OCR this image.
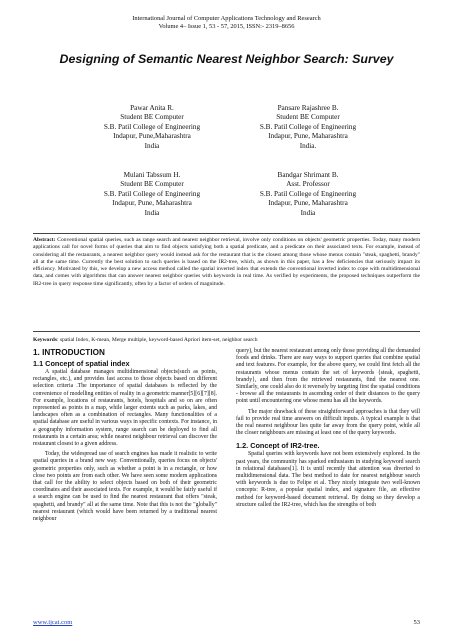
International Journal of Computer Applications Technology and Research
Volume 4– Issue 1, 53 - 57, 2015, ISSN:- 2319–8656
Designing of Semantic Nearest Neighbor Search: Survey
Pawar Anita R.
Student BE Computer
S.B. Patil College of Engineering
Indapur, Pune,Maharashtra
India
Pansare Rajashree B.
Student BE Computer
S.B. Patil College of Engineering
Indapur, Pune, Maharashtra
India.
Mulani Tabssum H.
Student BE Computer
S.B. Patil College of Engineering
Indapur, Pune, Maharashtra
India
Bandgar Shrimant B.
Asst. Professor
S.B. Patil College of Engineering
Indapur, Pune, Maharashtra
India

Abstract: Conventional spatial queries, such as range search and nearest neighbor retrieval, involve only conditions on objects' geometric properties. Today, many modern applications call for novel forms of queries that aim to find objects satisfying both a spatial predicate, and a predicate on their associated texts. For example, instead of considering all the restaurants, a nearest neighbor query would instead ask for the restaurant that is the closest among those whose menus contain "steak, spaghetti, brandy" all at the same time. Currently the best solution to such queries is based on the IR2-tree, which, as shown in this paper, has a few deficiencies that seriously impact its efficiency. Motivated by this, we develop a new access method called the spatial inverted index that extends the conventional inverted index to cope with multidimensional data, and comes with algorithms that can answer nearest neighbor queries with keywords in real time. As verified by experiments, the proposed techniques outperform the IR2-tree in query response time significantly, often by a factor of orders of magnitude.

Keywords: spatial Index, K-mean, Merge multiple, keyword-based Apriori item-set, neighbor search

1. INTRODUCTION
1.1 Concept of spatial index

A spatial database manages multidimensional objects(such as points, rectangles, etc.), and provides fast access to those objects based on different selection criteria .The importance of spatial databases is reflected by the convenience of modelling entities of reality in a geometric manner[5][6][7][8]. For example, locations of restaurants, hotels, hospitals and so on are often represented as points in a map, while larger extents such as parks, lakes, and landscapes often as a combination of rectangles. Many functionalities of a spatial database are useful in various ways in specific contexts. For instance, in a geography information system, range search can be deployed to find all restaurants in a certain area; while nearest neighbour retrieval can discover the restaurant closest to a given address.

Today, the widespread use of search engines has made it realistic to write spatial queries in a brand new way. Conventionally, queries focus on objects' geometric properties only, such as whether a point is in a rectangle, or how close two points are from each other. We have seen some modern applications that call for the ability to select objects based on both of their geometric coordinates and their associated texts. For example, it would be fairly useful if a search engine can be used to find the nearest restaurant that offers "steak, spaghetti, and brandy" all at the same time. Note that this is not the "globally" nearest restaurant (which would have been returned by a traditional nearest neighbour

query), but the nearest restaurant among only those providing all the demanded foods and drinks. There are easy ways to support queries that combine spatial and text features. For example, for the above query, we could first fetch all the restaurants whose menus contain the set of keywords {steak, spaghetti, brandy}, and then from the retrieved restaurants, find the nearest one. Similarly, one could also do it reversely by targeting first the spatial conditions - browse all the restaurants in ascending order of their distances to the query point until encountering one whose menu has all the keywords.

The major drawback of these straightforward approaches is that they will fail to provide real time answers on difficult inputs. A typical example is that the real nearest neighbour lies quite far away from the query point, while all the closer neighbours are missing at least one of the query keywords.

1.2. Concept of IR2-tree.

Spatial queries with keywords have not been extensively explored. In the past years, the community has sparked enthusiasm in studying keyword search in relational databases[1]. It is until recently that attention was diverted to multidimensional data. The best method to date for nearest neighbour search with keywords is due to Felipe et al. They nicely integrate two well-known concepts: R-tree, a popular spatial index, and signature file, an effective method for keyword-based document retrieval. By doing so they develop a structure called the IR2-tree, which has the strengths of both

www.ijcat.com	53
